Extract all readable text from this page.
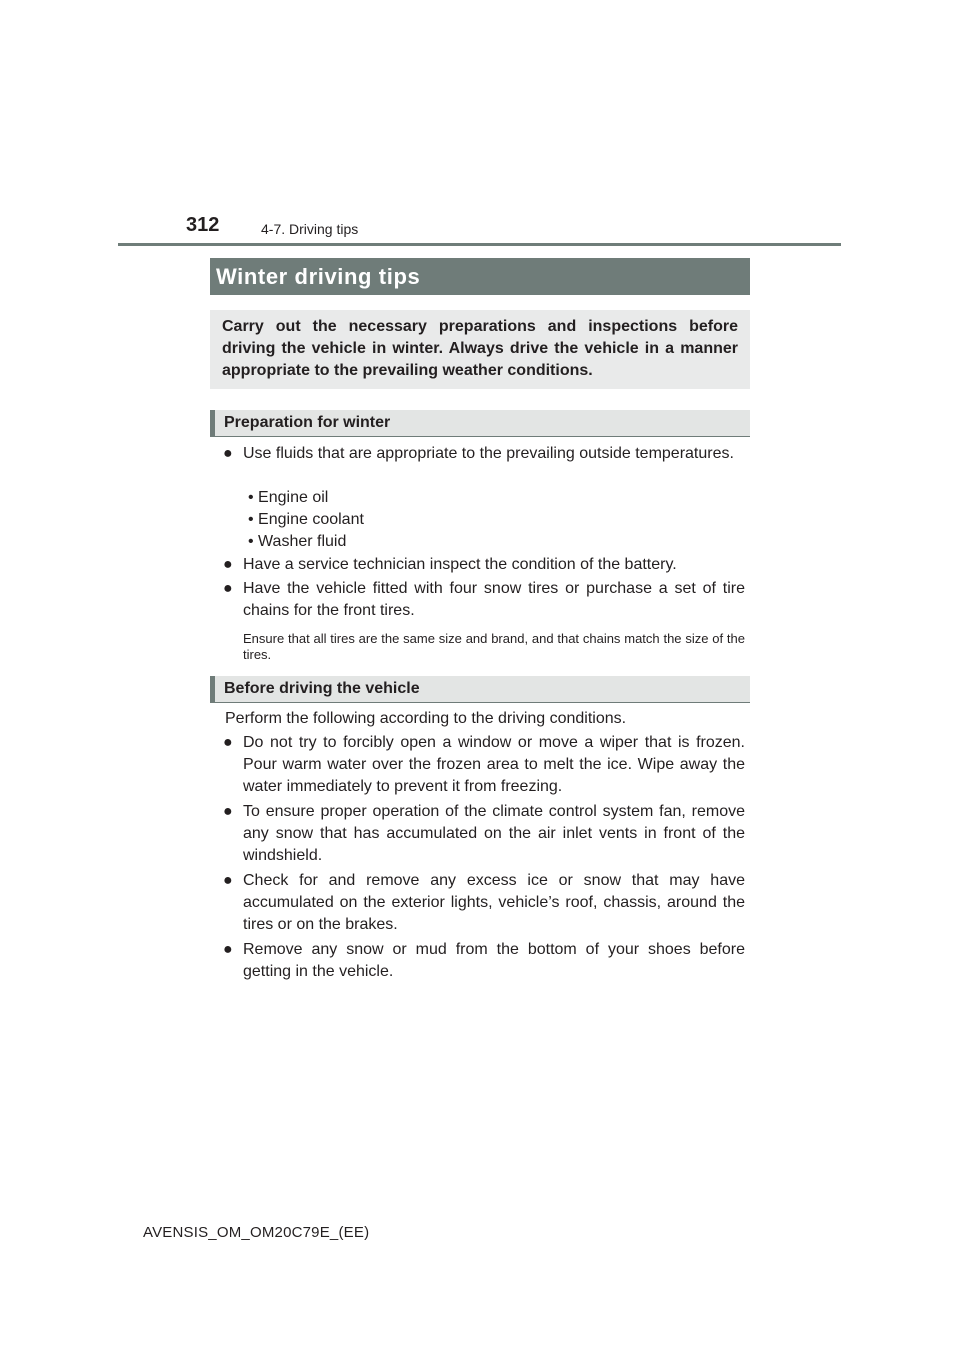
312	4-7. Driving tips
Winter driving tips
Carry out the necessary preparations and inspections before driving the vehicle in winter. Always drive the vehicle in a manner appropriate to the prevailing weather conditions.
Preparation for winter
● Use fluids that are appropriate to the prevailing outside temperatures.
• Engine oil
• Engine coolant
• Washer fluid
● Have a service technician inspect the condition of the battery.
● Have the vehicle fitted with four snow tires or purchase a set of tire chains for the front tires.
Ensure that all tires are the same size and brand, and that chains match the size of the tires.
Before driving the vehicle
Perform the following according to the driving conditions.
● Do not try to forcibly open a window or move a wiper that is frozen. Pour warm water over the frozen area to melt the ice. Wipe away the water immediately to prevent it from freezing.
● To ensure proper operation of the climate control system fan, remove any snow that has accumulated on the air inlet vents in front of the windshield.
● Check for and remove any excess ice or snow that may have accumulated on the exterior lights, vehicle’s roof, chassis, around the tires or on the brakes.
● Remove any snow or mud from the bottom of your shoes before getting in the vehicle.
AVENSIS_OM_OM20C79E_(EE)
